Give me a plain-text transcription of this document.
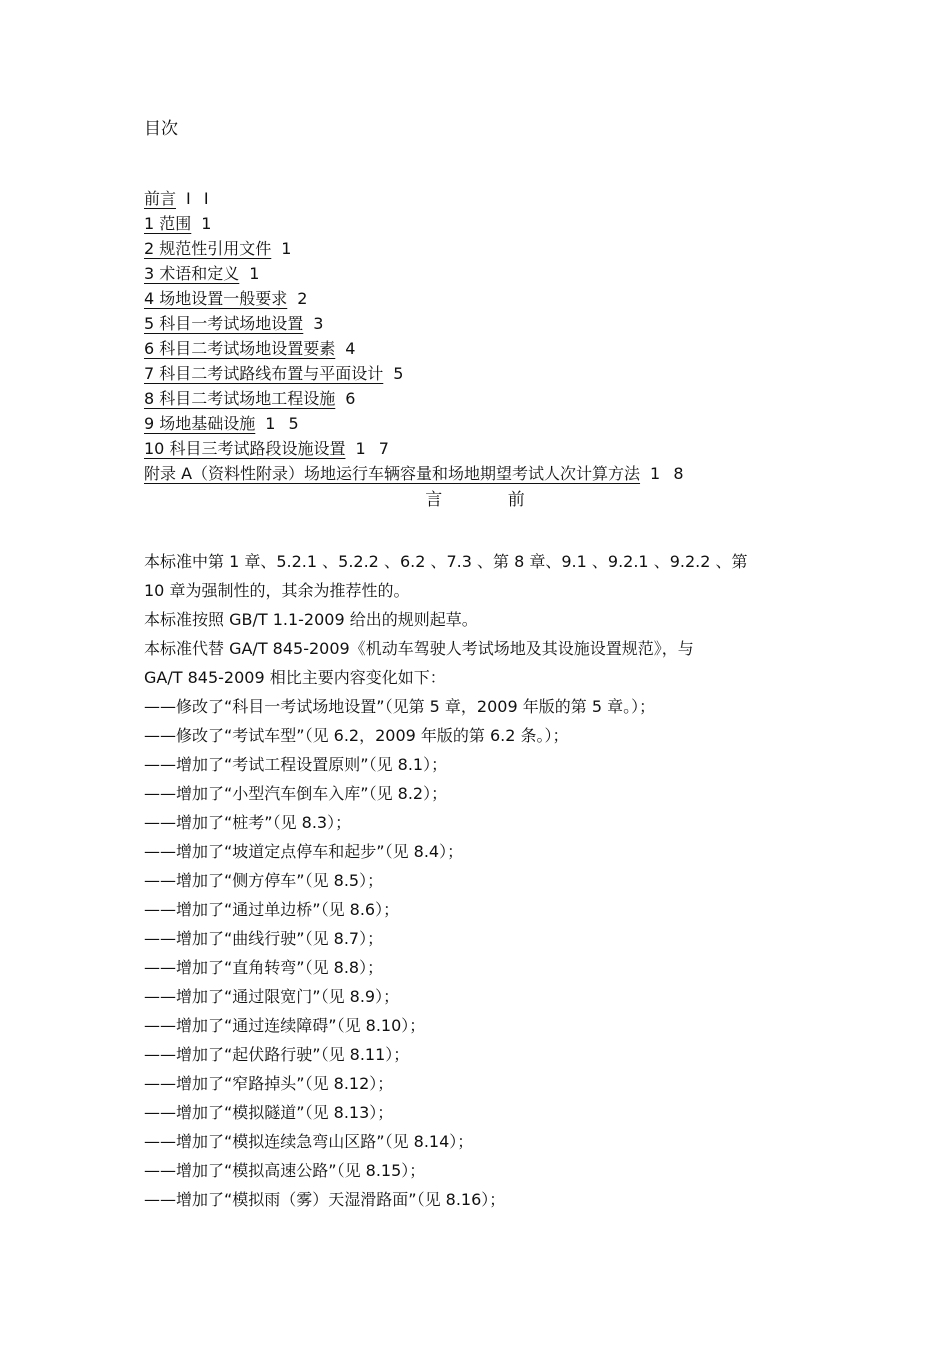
目次
前言 I I
1 范围 1
2 规范性引用文件 1
3 术语和定义 1
4 场地设置一般要求 2
5 科目一考试场地设置 3
6 科目二考试场地设置要素 4
7 科目二考试路线布置与平面设计 5
8 科目二考试场地工程设施 6
9 场地基础设施 1 5
10 科目三考试路段设施设置 1 7
附录 A（资料性附录）场地运行车辆容量和场地期望考试人次计算方法 1 8
言 前
本标准中第 1 章、5.2.1 、5.2.2 、6.2 、7.3 、第 8 章、9.1 、9.2.1 、9.2.2 、第
10 章为强制性的，其余为推荐性的。
本标准按照 GB/T 1.1-2009 给出的规则起草。
本标准代替 GA/T 845-2009《机动车驾驶人考试场地及其设施设置规范》，与
GA/T 845-2009 相比主要内容变化如下：
——修改了“科目一考试场地设置”（见第 5 章，2009 年版的第 5 章。）；
——修改了“考试车型”（见 6.2，2009 年版的第 6.2 条。）；
——增加了“考试工程设置原则”（见 8.1）；
——增加了“小型汽车倒车入库”（见 8.2）；
——增加了“桩考”（见 8.3）；
——增加了“坡道定点停车和起步”（见 8.4）；
——增加了“侧方停车”（见 8.5）；
——增加了“通过单边桥”（见 8.6）；
——增加了“曲线行驶”（见 8.7）；
——增加了“直角转弯”（见 8.8）；
——增加了“通过限宽门”（见 8.9）；
——增加了“通过连续障碍”（见 8.10）；
——增加了“起伏路行驶”（见 8.11）；
——增加了“窄路掉头”（见 8.12）；
——增加了“模拟隧道”（见 8.13）；
——增加了“模拟连续急弯山区路”（见 8.14）；
——增加了“模拟高速公路”（见 8.15）；
——增加了“模拟雨（雾）天湿滑路面”（见 8.16）；
